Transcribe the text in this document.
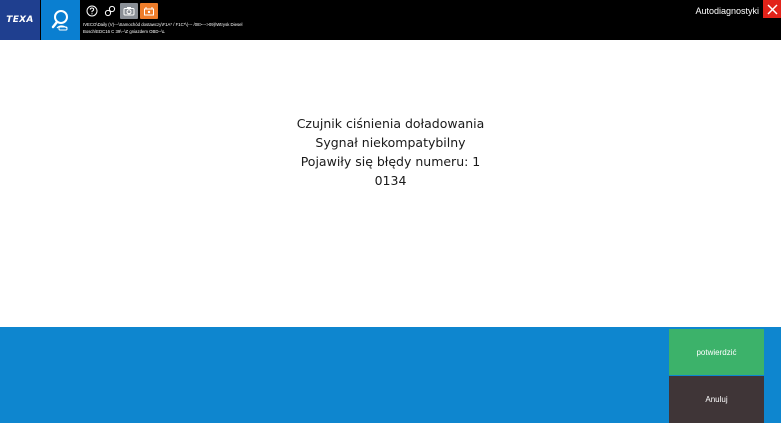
TEXA	IVECO\Daily (V)---\Samochód dostawczy\F1A* / F1C*\(--- /08>--->09)\Wtrysk Diesel
Bosch\EDC16 C 39\--\Z gniazdem OBD--\L
Autodiagnostyki
Czujnik ciśnienia doładowania
Sygnał niekompatybilny
Pojawiły się błędy numeru: 1
0134
potwierdzić
Anuluj
